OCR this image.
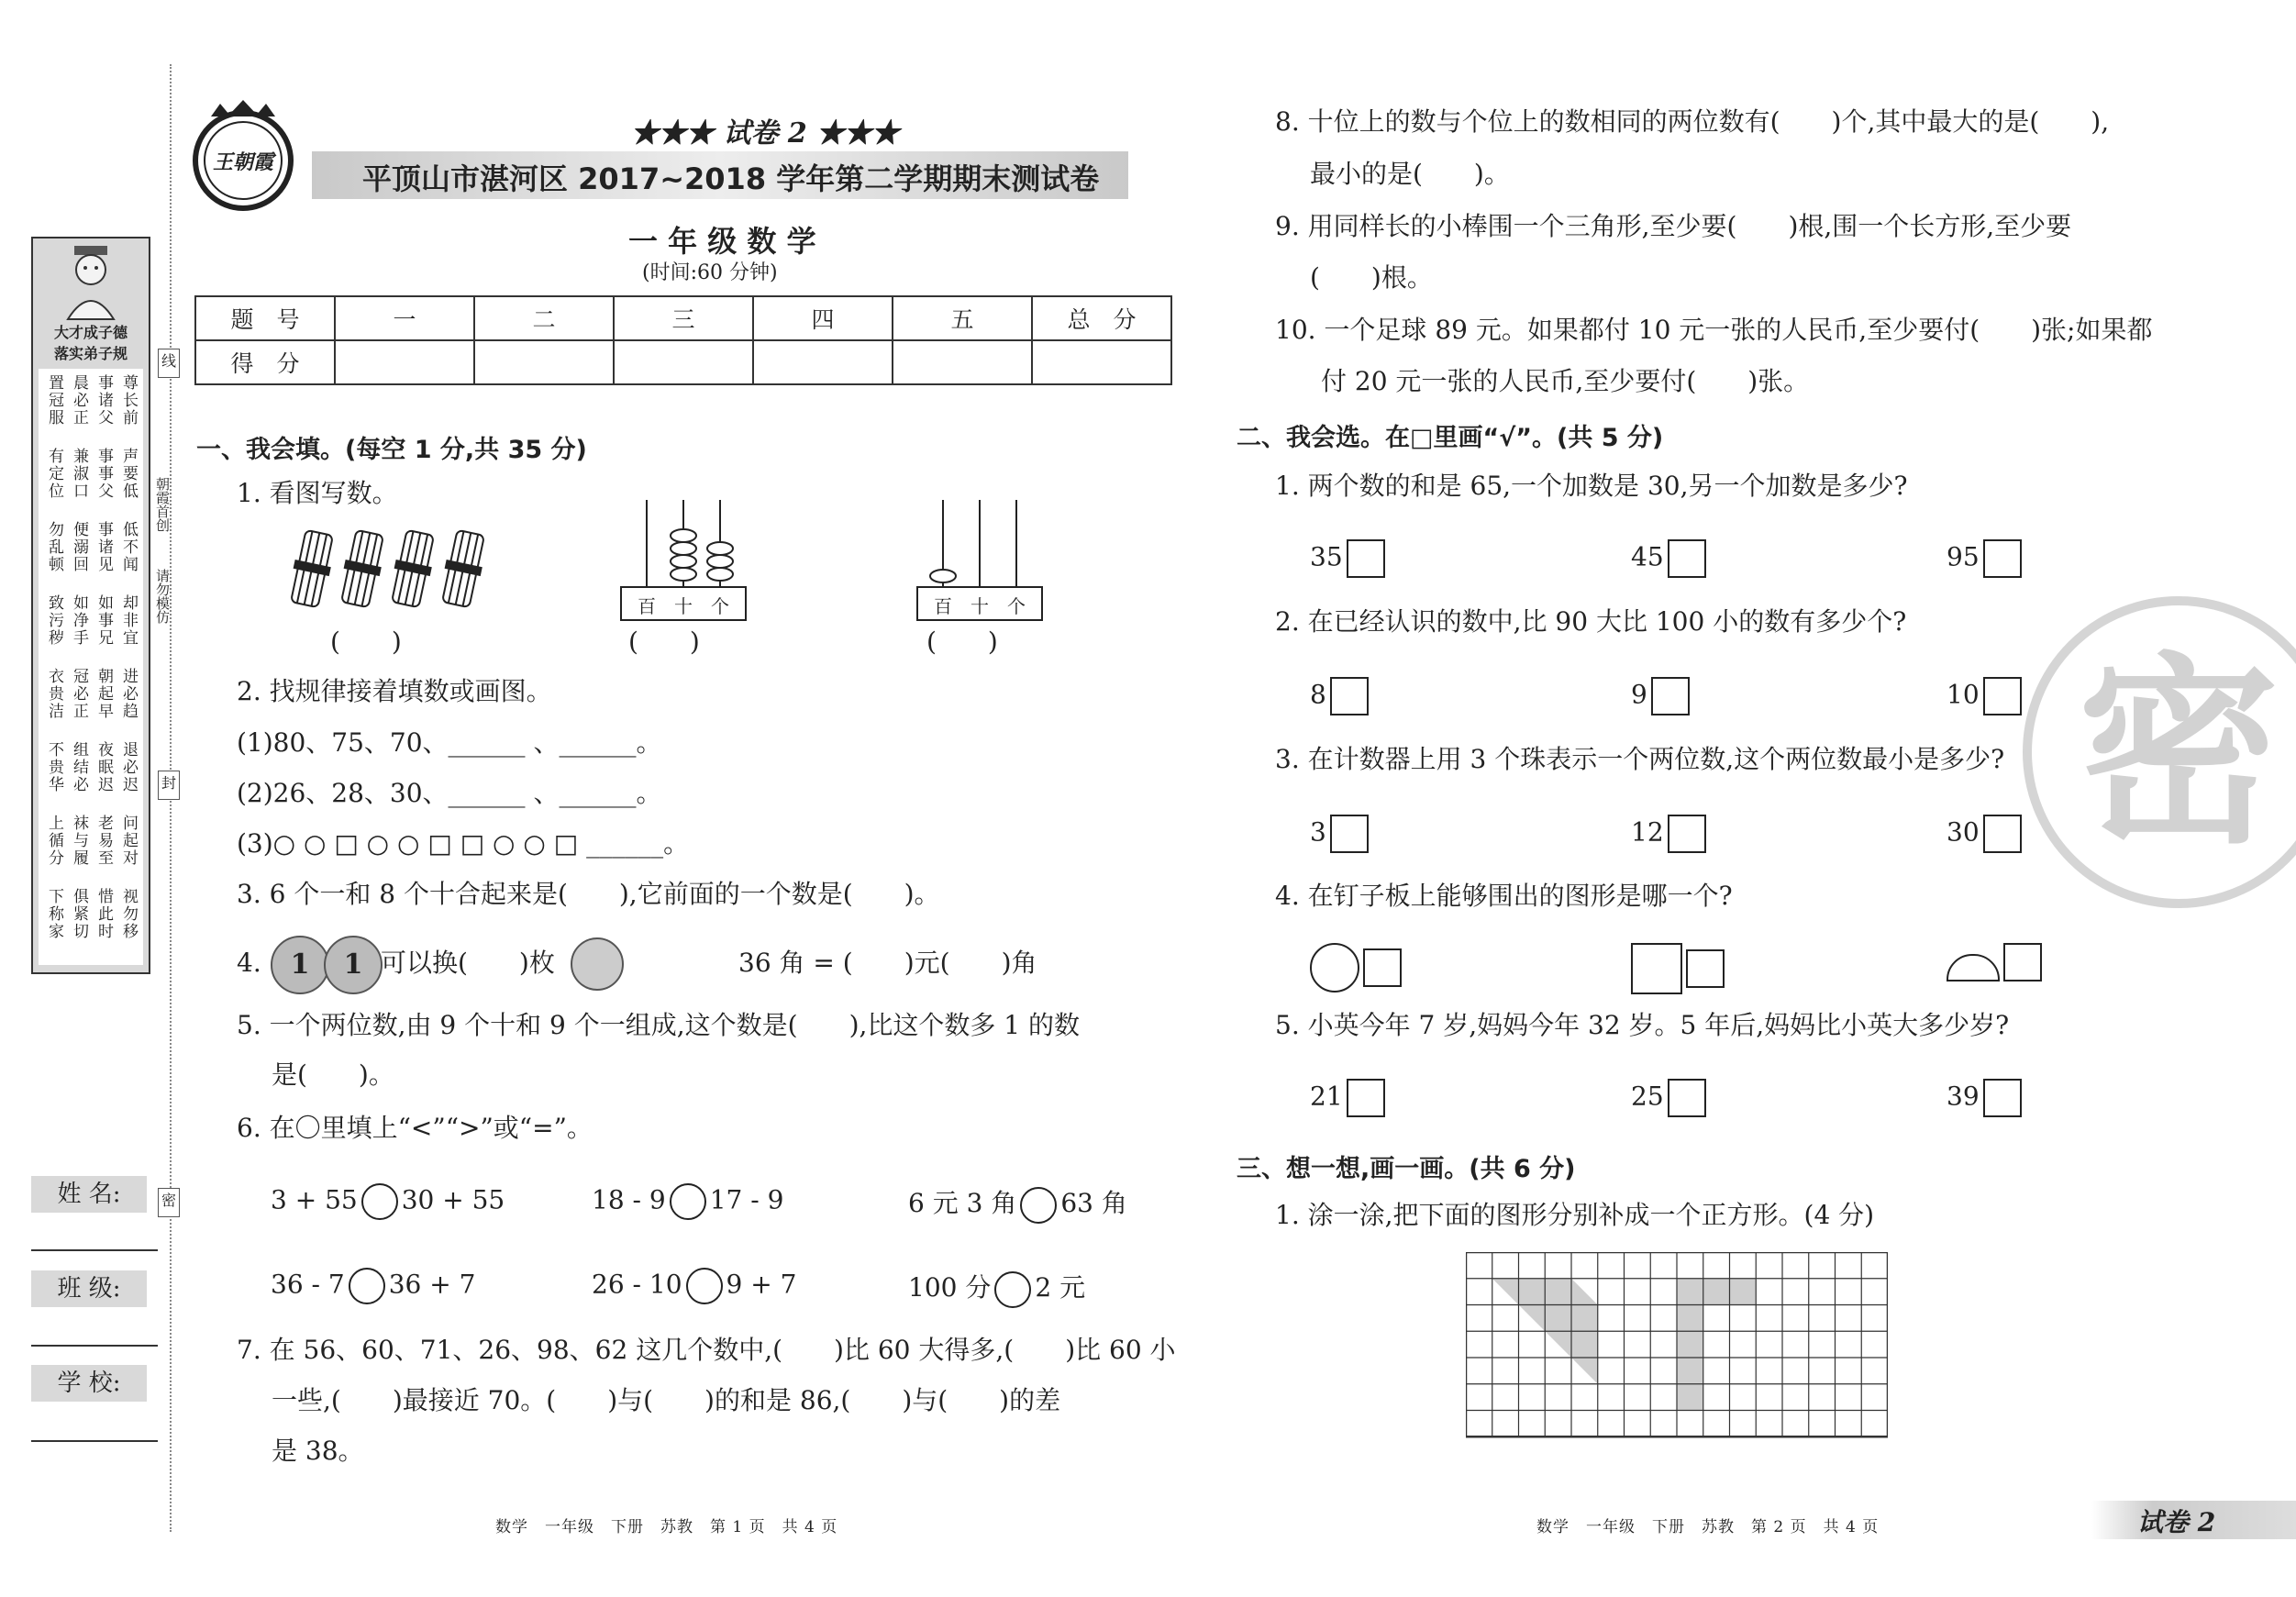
大才成子德
落实弟子规
置冠服 晨必正 事诸父 尊长前
有定位 兼淑口 事事父 声要低
勿乱顿 便溺回 事诸见 低不闻
致污秽 如净手 如事兄 却非宜
衣贵洁 冠必正 朝起早 进必趋
不贵华 组结必 夜眠迟 退必迟
上循分 袜与履 老易至 问起对
下称家 俱紧切 惜此时 视勿移
线
朝霞首创
请勿模仿
封
密
姓 名:
班 级:
学 校:
王朝霞
★★★ 试卷 2 ★★★
平顶山市湛河区 2017~2018 学年第二学期期末测试卷
一 年 级 数 学
(时间:60 分钟)
题　号	一	二	三	四	五	总　分
得　分						
一、我会填。(每空 1 分,共 35 分)
1. 看图写数。
百 十 个	百 十 个
(　　)	(　　)	(　　)
2. 找规律接着填数或画图。
(1)80、75、70、______ 、______。
(2)26、28、30、______ 、______。
(3)○ ○ □ ○ ○ □ □ ○ ○ □ ______。
3. 6 个一和 8 个十合起来是(　　),它前面的一个数是(　　)。
4.	1	1 可以换(　　)枚	36 角 = (　　)元(　　)角
5. 一个两位数,由 9 个十和 9 个一组成,这个数是(　　),比这个数多 1 的数
是(　　)。
6. 在〇里填上“<”“>”或“=”。
3 + 55 30 + 55	18 - 9 17 - 9	6 元 3 角 63 角
36 - 7 36 + 7	26 - 10 9 + 7	100 分 2 元
7. 在 56、60、71、26、98、62 这几个数中,(　　)比 60 大得多,(　　)比 60 小
一些,(　　)最接近 70。(　　)与(　　)的和是 86,(　　)与(　　)的差
是 38。
数学　一年级　下册　苏教　第 1 页　共 4 页
8. 十位上的数与个位上的数相同的两位数有(　　)个,其中最大的是(　　),
最小的是(　　)。
9. 用同样长的小棒围一个三角形,至少要(　　)根,围一个长方形,至少要
(　　)根。
10. 一个足球 89 元。如果都付 10 元一张的人民币,至少要付(　　)张;如果都
付 20 元一张的人民币,至少要付(　　)张。
二、我会选。在□里画“√”。(共 5 分)
1. 两个数的和是 65,一个加数是 30,另一个加数是多少?
35	45	95
2. 在已经认识的数中,比 90 大比 100 小的数有多少个?
8	9	10
3. 在计数器上用 3 个珠表示一个两位数,这个两位数最小是多少?
3	12	30
4. 在钉子板上能够围出的图形是哪一个?
5. 小英今年 7 岁,妈妈今年 32 岁。5 年后,妈妈比小英大多少岁?
21	25	39
三、想一想,画一画。(共 6 分)
1. 涂一涂,把下面的图形分别补成一个正方形。(4 分)
密
数学　一年级　下册　苏教　第 2 页　共 4 页	试卷 2
